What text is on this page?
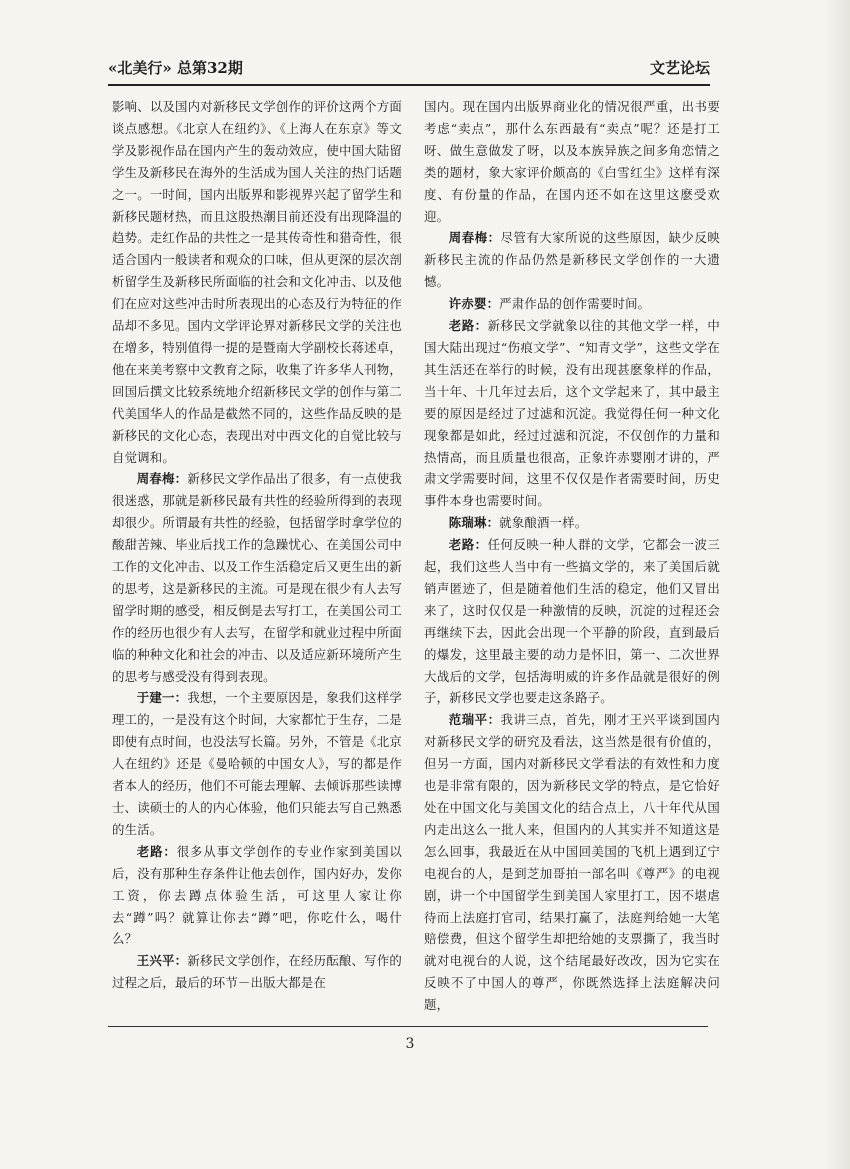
«北美行» 总第32期	文艺论坛

影响、以及国内对新移民文学创作的评价这两个方面谈点感想。《北京人在纽约》、《上海人在东京》等文学及影视作品在国内产生的轰动效应，使中国大陆留学生及新移民在海外的生活成为国人关注的热门话题之一。一时间，国内出版界和影视界兴起了留学生和新移民题材热，而且这股热潮目前还没有出现降温的趋势。走红作品的共性之一是其传奇性和猎奇性，很适合国内一般读者和观众的口味，但从更深的层次剖析留学生及新移民所面临的社会和文化冲击、以及他们在应对这些冲击时所表现出的心态及行为特征的作品却不多见。国内文学评论界对新移民文学的关注也在增多，特别值得一提的是暨南大学副校长蒋述卓，他在来美考察中文教育之际，收集了许多华人刊物，回国后撰文比较系统地介绍新移民文学的创作与第二代美国华人的作品是截然不同的，这些作品反映的是新移民的文化心态，表现出对中西文化的自觉比较与自觉调和。

周春梅：新移民文学作品出了很多，有一点使我很迷惑，那就是新移民最有共性的经验所得到的表现却很少。所谓最有共性的经验，包括留学时拿学位的酸甜苦辣、毕业后找工作的急躁忧心、在美国公司中工作的文化冲击、以及工作生活稳定后又更生出的新的思考，这是新移民的主流。可是现在很少有人去写留学时期的感受，相反倒是去写打工，在美国公司工作的经历也很少有人去写，在留学和就业过程中所面临的种种文化和社会的冲击、以及适应新环境所产生的思考与感受没有得到表现。

于建一：我想，一个主要原因是，象我们这样学理工的，一是没有这个时间，大家都忙于生存，二是即使有点时间，也没法写长篇。另外，不管是《北京人在纽约》还是《曼哈顿的中国女人》，写的都是作者本人的经历，他们不可能去理解、去倾诉那些读博士、读硕士的人的内心体验，他们只能去写自己熟悉的生活。

老路：很多从事文学创作的专业作家到美国以后，没有那种生存条件让他去创作，国内好办，发你工资，你去蹲点体验生活，可这里人家让你去“蹲”吗？就算让你去“蹲”吧，你吃什么，喝什么？

王兴平：新移民文学创作，在经历酝酿、写作的过程之后，最后的环节－出版大都是在

国内。现在国内出版界商业化的情况很严重，出书要考虑“卖点”，那什么东西最有“卖点”呢？还是打工呀、做生意做发了呀，以及本族异族之间多角恋情之类的题材，象大家评价颇高的《白雪红尘》这样有深度、有份量的作品，在国内还不如在这里这麽受欢迎。

周春梅：尽管有大家所说的这些原因，缺少反映新移民主流的作品仍然是新移民文学创作的一大遗憾。

许赤婴：严肃作品的创作需要时间。

老路：新移民文学就象以往的其他文学一样，中国大陆出现过“伤痕文学”、“知青文学”，这些文学在其生活还在举行的时候，没有出现甚麽象样的作品，当十年、十几年过去后，这个文学起来了，其中最主要的原因是经过了过滤和沉淀。我觉得任何一种文化现象都是如此，经过过滤和沉淀，不仅创作的力量和热情高，而且质量也很高，正象许赤婴刚才讲的，严肃文学需要时间，这里不仅仅是作者需要时间，历史事件本身也需要时间。

陈瑞琳：就象酿酒一样。

老路：任何反映一种人群的文学，它都会一波三起，我们这些人当中有一些搞文学的，来了美国后就销声匿迹了，但是随着他们生活的稳定，他们又冒出来了，这时仅仅是一种激情的反映，沉淀的过程还会再继续下去，因此会出现一个平静的阶段，直到最后的爆发，这里最主要的动力是怀旧，第一、二次世界大战后的文学，包括海明威的许多作品就是很好的例子，新移民文学也要走这条路子。

范瑞平：我讲三点，首先，刚才王兴平谈到国内对新移民文学的研究及看法，这当然是很有价值的，但另一方面，国内对新移民文学看法的有效性和力度也是非常有限的，因为新移民文学的特点，是它恰好处在中国文化与美国文化的结合点上，八十年代从国内走出这么一批人来，但国内的人其实并不知道这是怎么回事，我最近在从中国回美国的飞机上遇到辽宁电视台的人，是到芝加哥拍一部名叫《尊严》的电视剧，讲一个中国留学生到美国人家里打工，因不堪虐待而上法庭打官司，结果打赢了，法庭判给她一大笔赔偿费，但这个留学生却把给她的支票撕了，我当时就对电视台的人说，这个结尾最好改改，因为它实在反映不了中国人的尊严，你既然选择上法庭解决问题，

3
